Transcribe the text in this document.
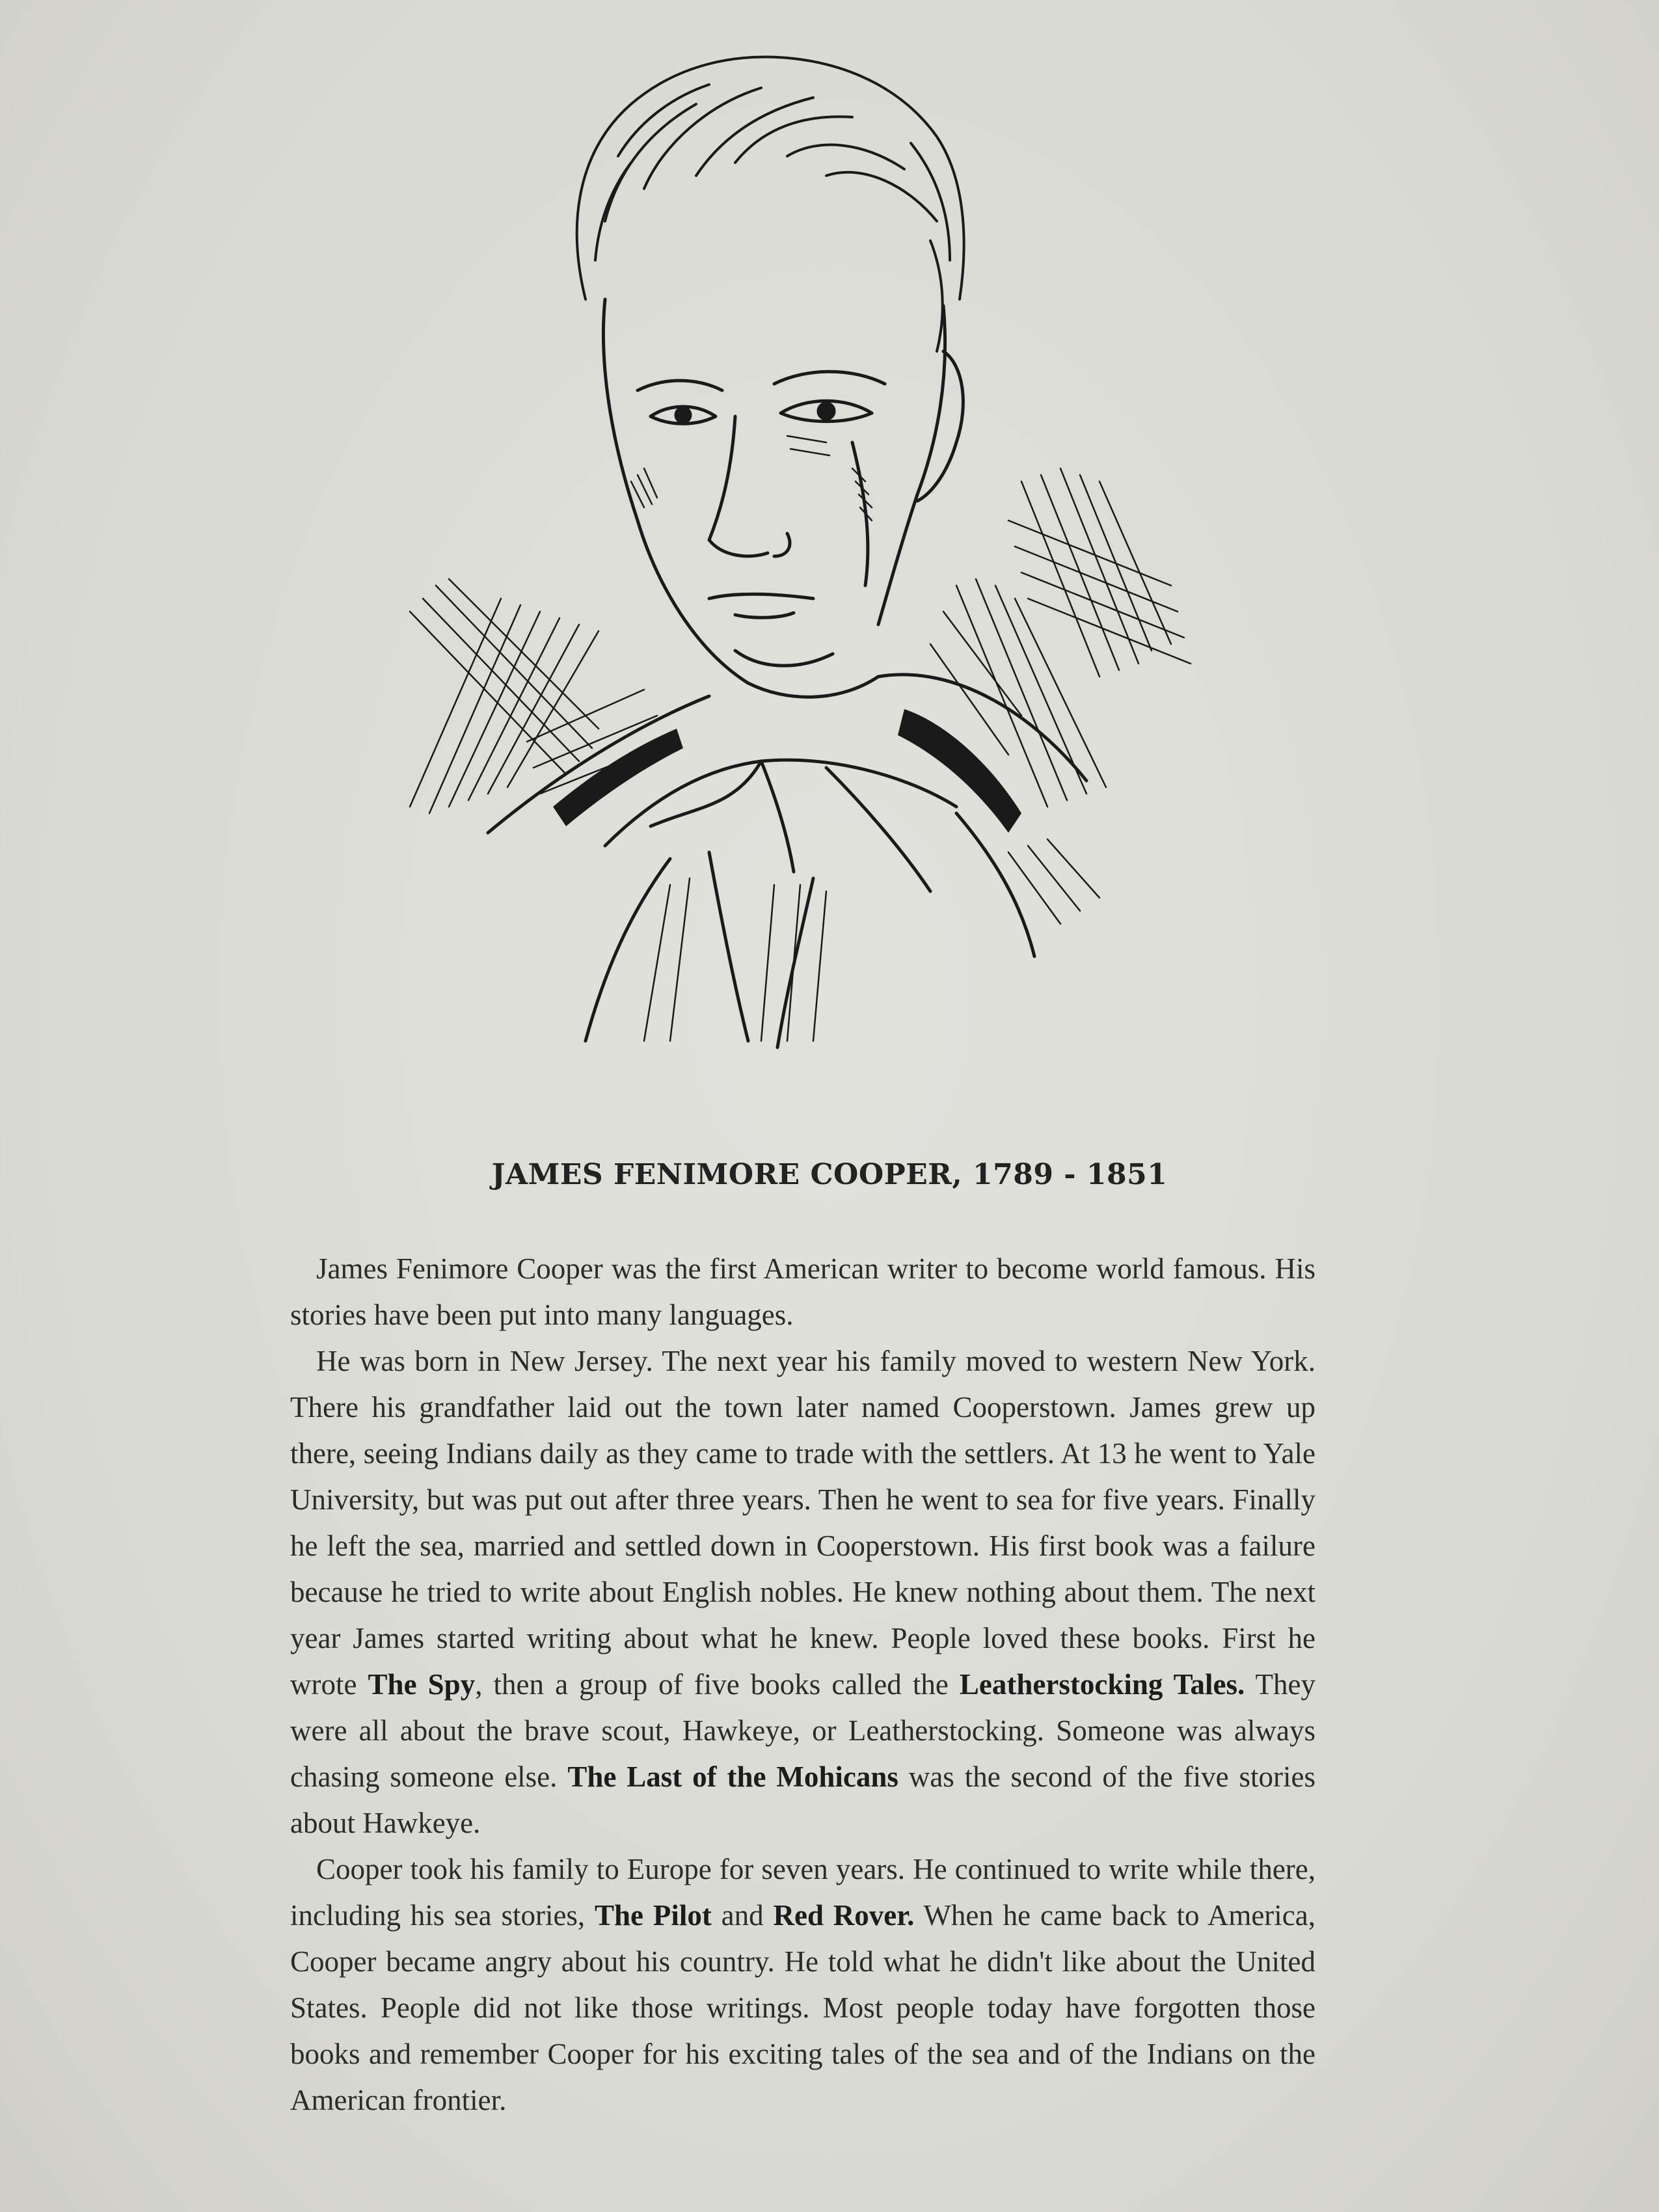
JAMES FENIMORE COOPER, 1789 - 1851

James Fenimore Cooper was the first American writer to become world famous. His stories have been put into many languages.

He was born in New Jersey. The next year his family moved to western New York. There his grandfather laid out the town later named Cooperstown. James grew up there, seeing Indians daily as they came to trade with the settlers. At 13 he went to Yale University, but was put out after three years. Then he went to sea for five years. Finally he left the sea, married and settled down in Cooperstown. His first book was a failure because he tried to write about English nobles. He knew nothing about them. The next year James started writing about what he knew. People loved these books. First he wrote The Spy, then a group of five books called the Leatherstocking Tales. They were all about the brave scout, Hawkeye, or Leatherstocking. Someone was always chasing someone else. The Last of the Mohicans was the second of the five stories about Hawkeye.

Cooper took his family to Europe for seven years. He continued to write while there, including his sea stories, The Pilot and Red Rover. When he came back to America, Cooper became angry about his country. He told what he didn't like about the United States. People did not like those writings. Most people today have forgotten those books and remember Cooper for his exciting tales of the sea and of the Indians on the American frontier.
